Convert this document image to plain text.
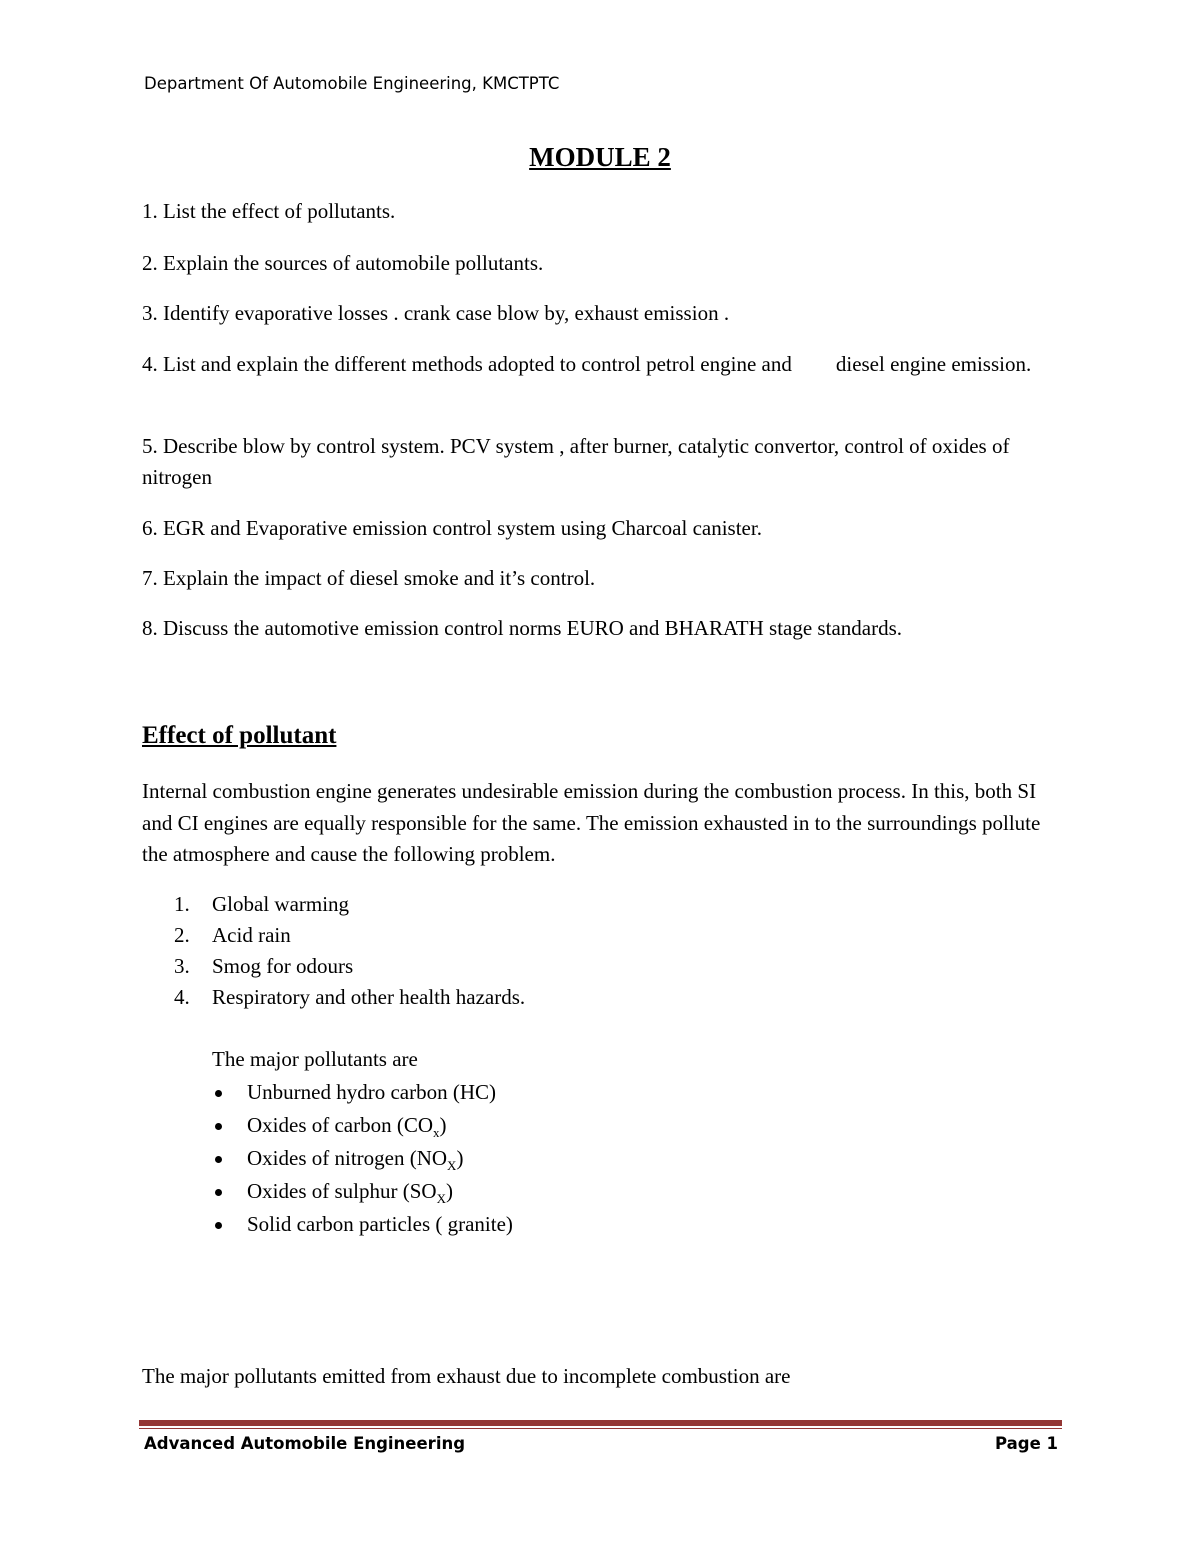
Department Of Automobile Engineering, KMCTPTC
MODULE 2
1. List the effect of pollutants.
2. Explain the sources of automobile pollutants.
3. Identify evaporative losses . crank case blow by, exhaust emission .
4. List and explain the different methods adopted to control petrol engine and diesel engine emission.
5. Describe blow by control system. PCV system , after burner, catalytic convertor, control of oxides of nitrogen
6. EGR and Evaporative emission control system using Charcoal canister.
7. Explain the impact of diesel smoke and it’s control.
8. Discuss the automotive emission control norms EURO and BHARATH stage standards.
Effect of pollutant
Internal combustion engine generates undesirable emission during the combustion process. In this, both SI and CI engines are equally responsible for the same. The emission exhausted in to the surroundings pollute the atmosphere and cause the following problem.
1. Global warming
2. Acid rain
3. Smog for odours
4. Respiratory and other health hazards.
The major pollutants are
Unburned hydro carbon (HC)
Oxides of carbon $(CO_x)$
Oxides of nitrogen $(NO_X)$
Oxides of sulphur $(SO_X)$
Solid carbon particles ( granite)
The major pollutants emitted from exhaust due to incomplete combustion are
Advanced Automobile Engineering	Page 1
